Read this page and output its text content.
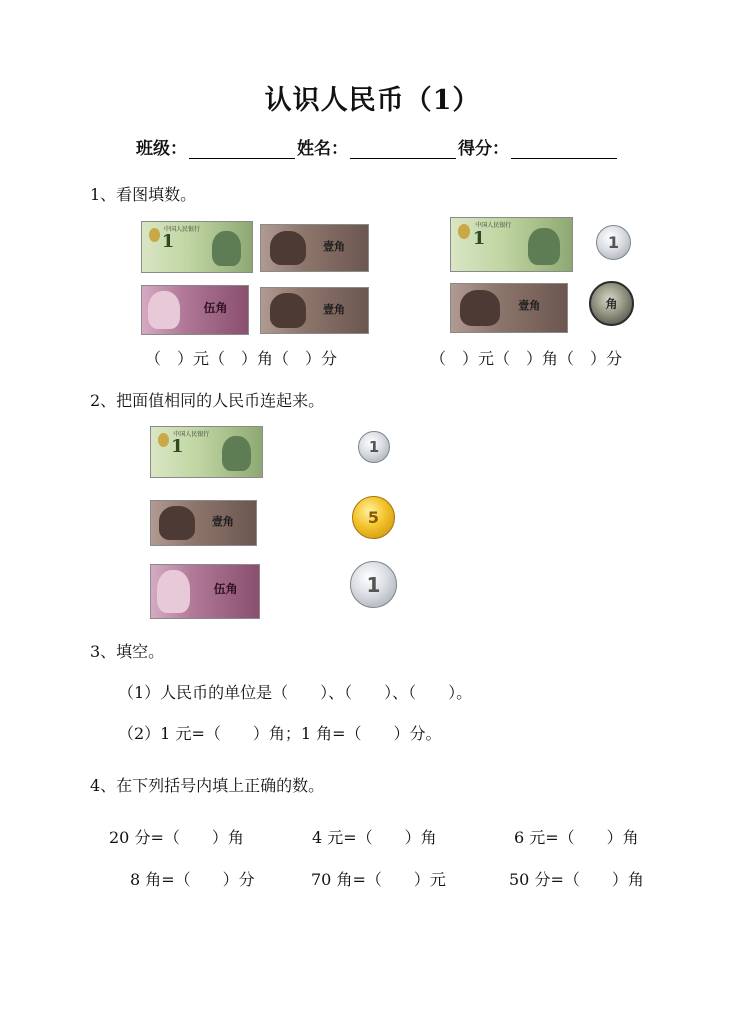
认识人民币（1）
班级：	姓名：	得分：
1、看图填数。
中国人民银行
1	壹角
伍角	壹角
中国人民银行
1	1
壹角	角
（　）元（　）角（　）分	（　）元（　）角（　）分
2、把面值相同的人民币连起来。
中国人民银行
1
壹角
伍角
1
5
1
3、填空。
（1）人民币的单位是（　　）、（　　）、（　　）。
（2）1 元=（　　）角；1 角=（　　）分。
4、在下列括号内填上正确的数。
20 分=（　　）角	4 元=（　　）角	6 元=（　　）角
8 角=（　　）分	70 角=（　　）元	50 分=（　　）角
